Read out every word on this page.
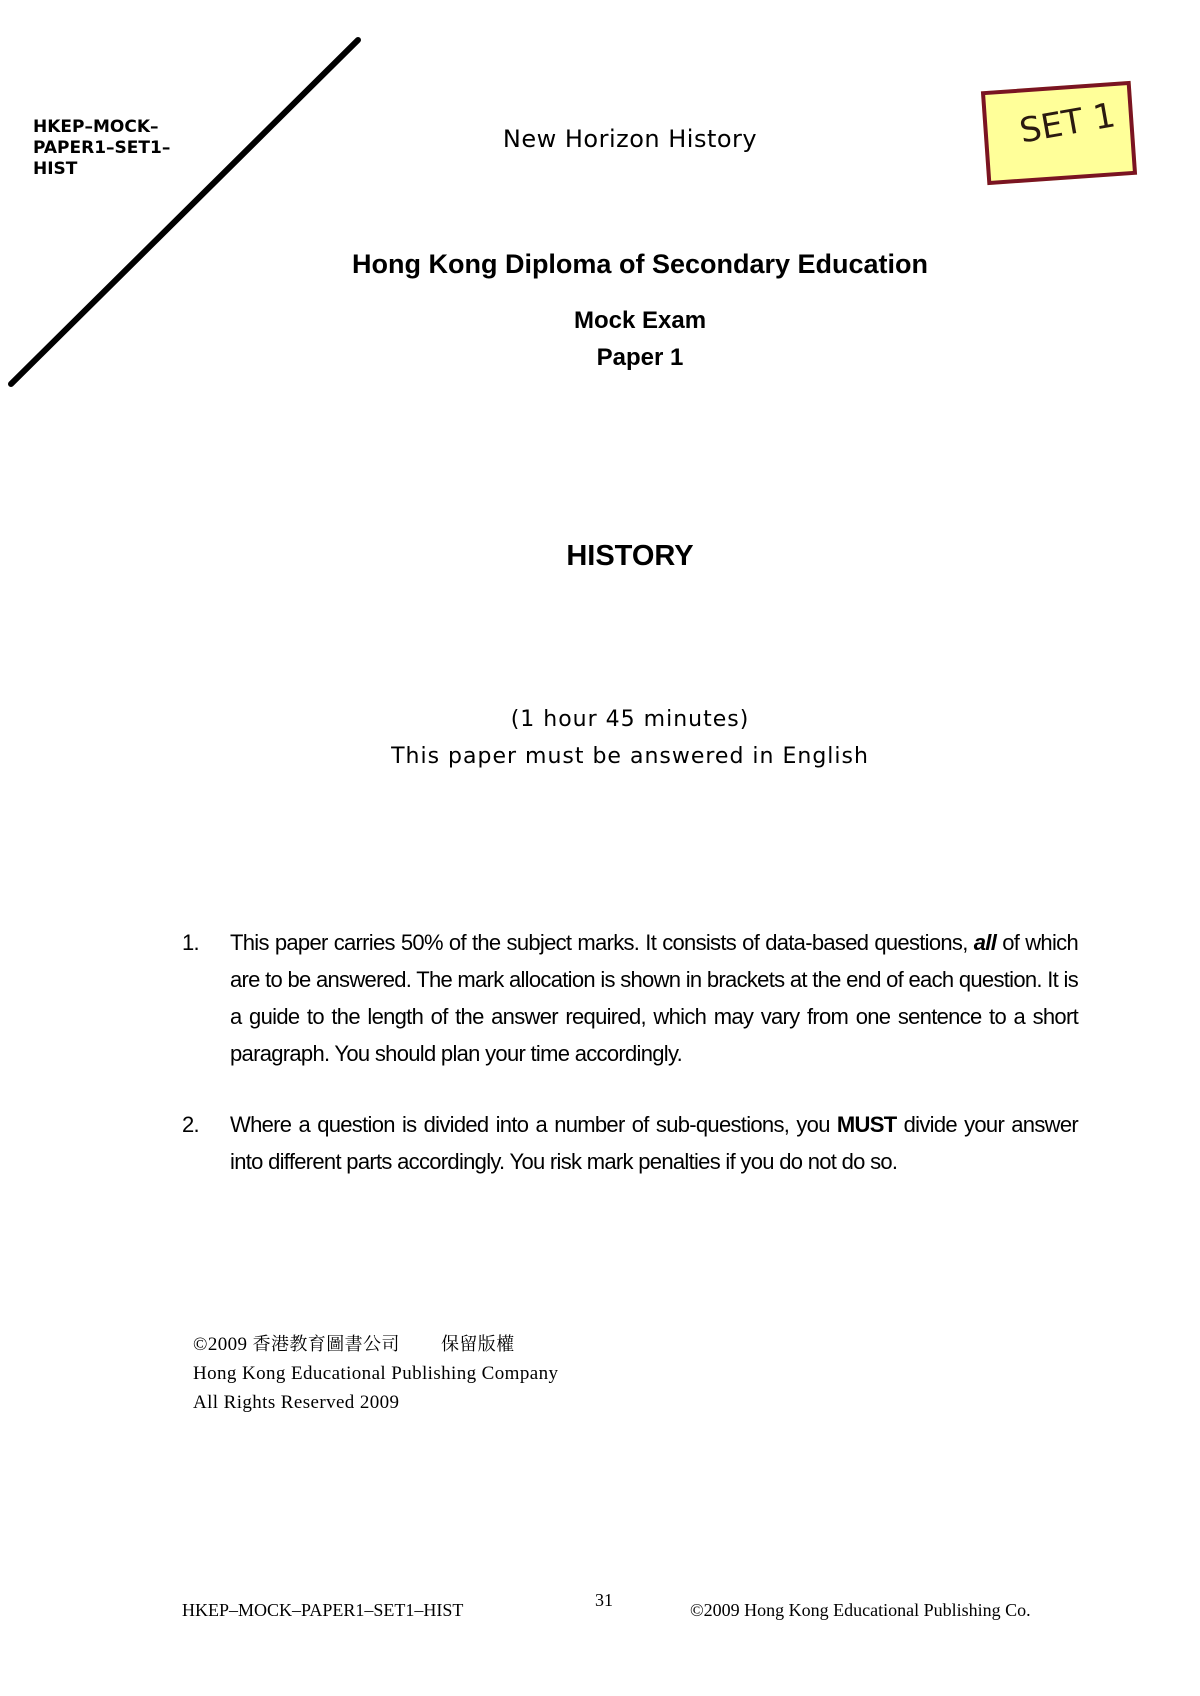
HKEP–MOCK–
PAPER1–SET1–
HIST
New Horizon History	SET 1
Hong Kong Diploma of Secondary Education
Mock Exam
Paper 1
HISTORY
(1 hour 45 minutes)
This paper must be answered in English
1. This paper carries 50% of the subject marks. It consists of data-based questions, all of which are to be answered. The mark allocation is shown in brackets at the end of each question. It is a guide to the length of the answer required, which may vary from one sentence to a short paragraph. You should plan your time accordingly.
2. Where a question is divided into a number of sub-questions, you MUST divide your answer into different parts accordingly. You risk mark penalties if you do not do so.
©2009 香港教育圖書公司 保留版權
Hong Kong Educational Publishing Company
All Rights Reserved 2009
HKEP–MOCK–PAPER1–SET1–HIST	31	©2009 Hong Kong Educational Publishing Co.
